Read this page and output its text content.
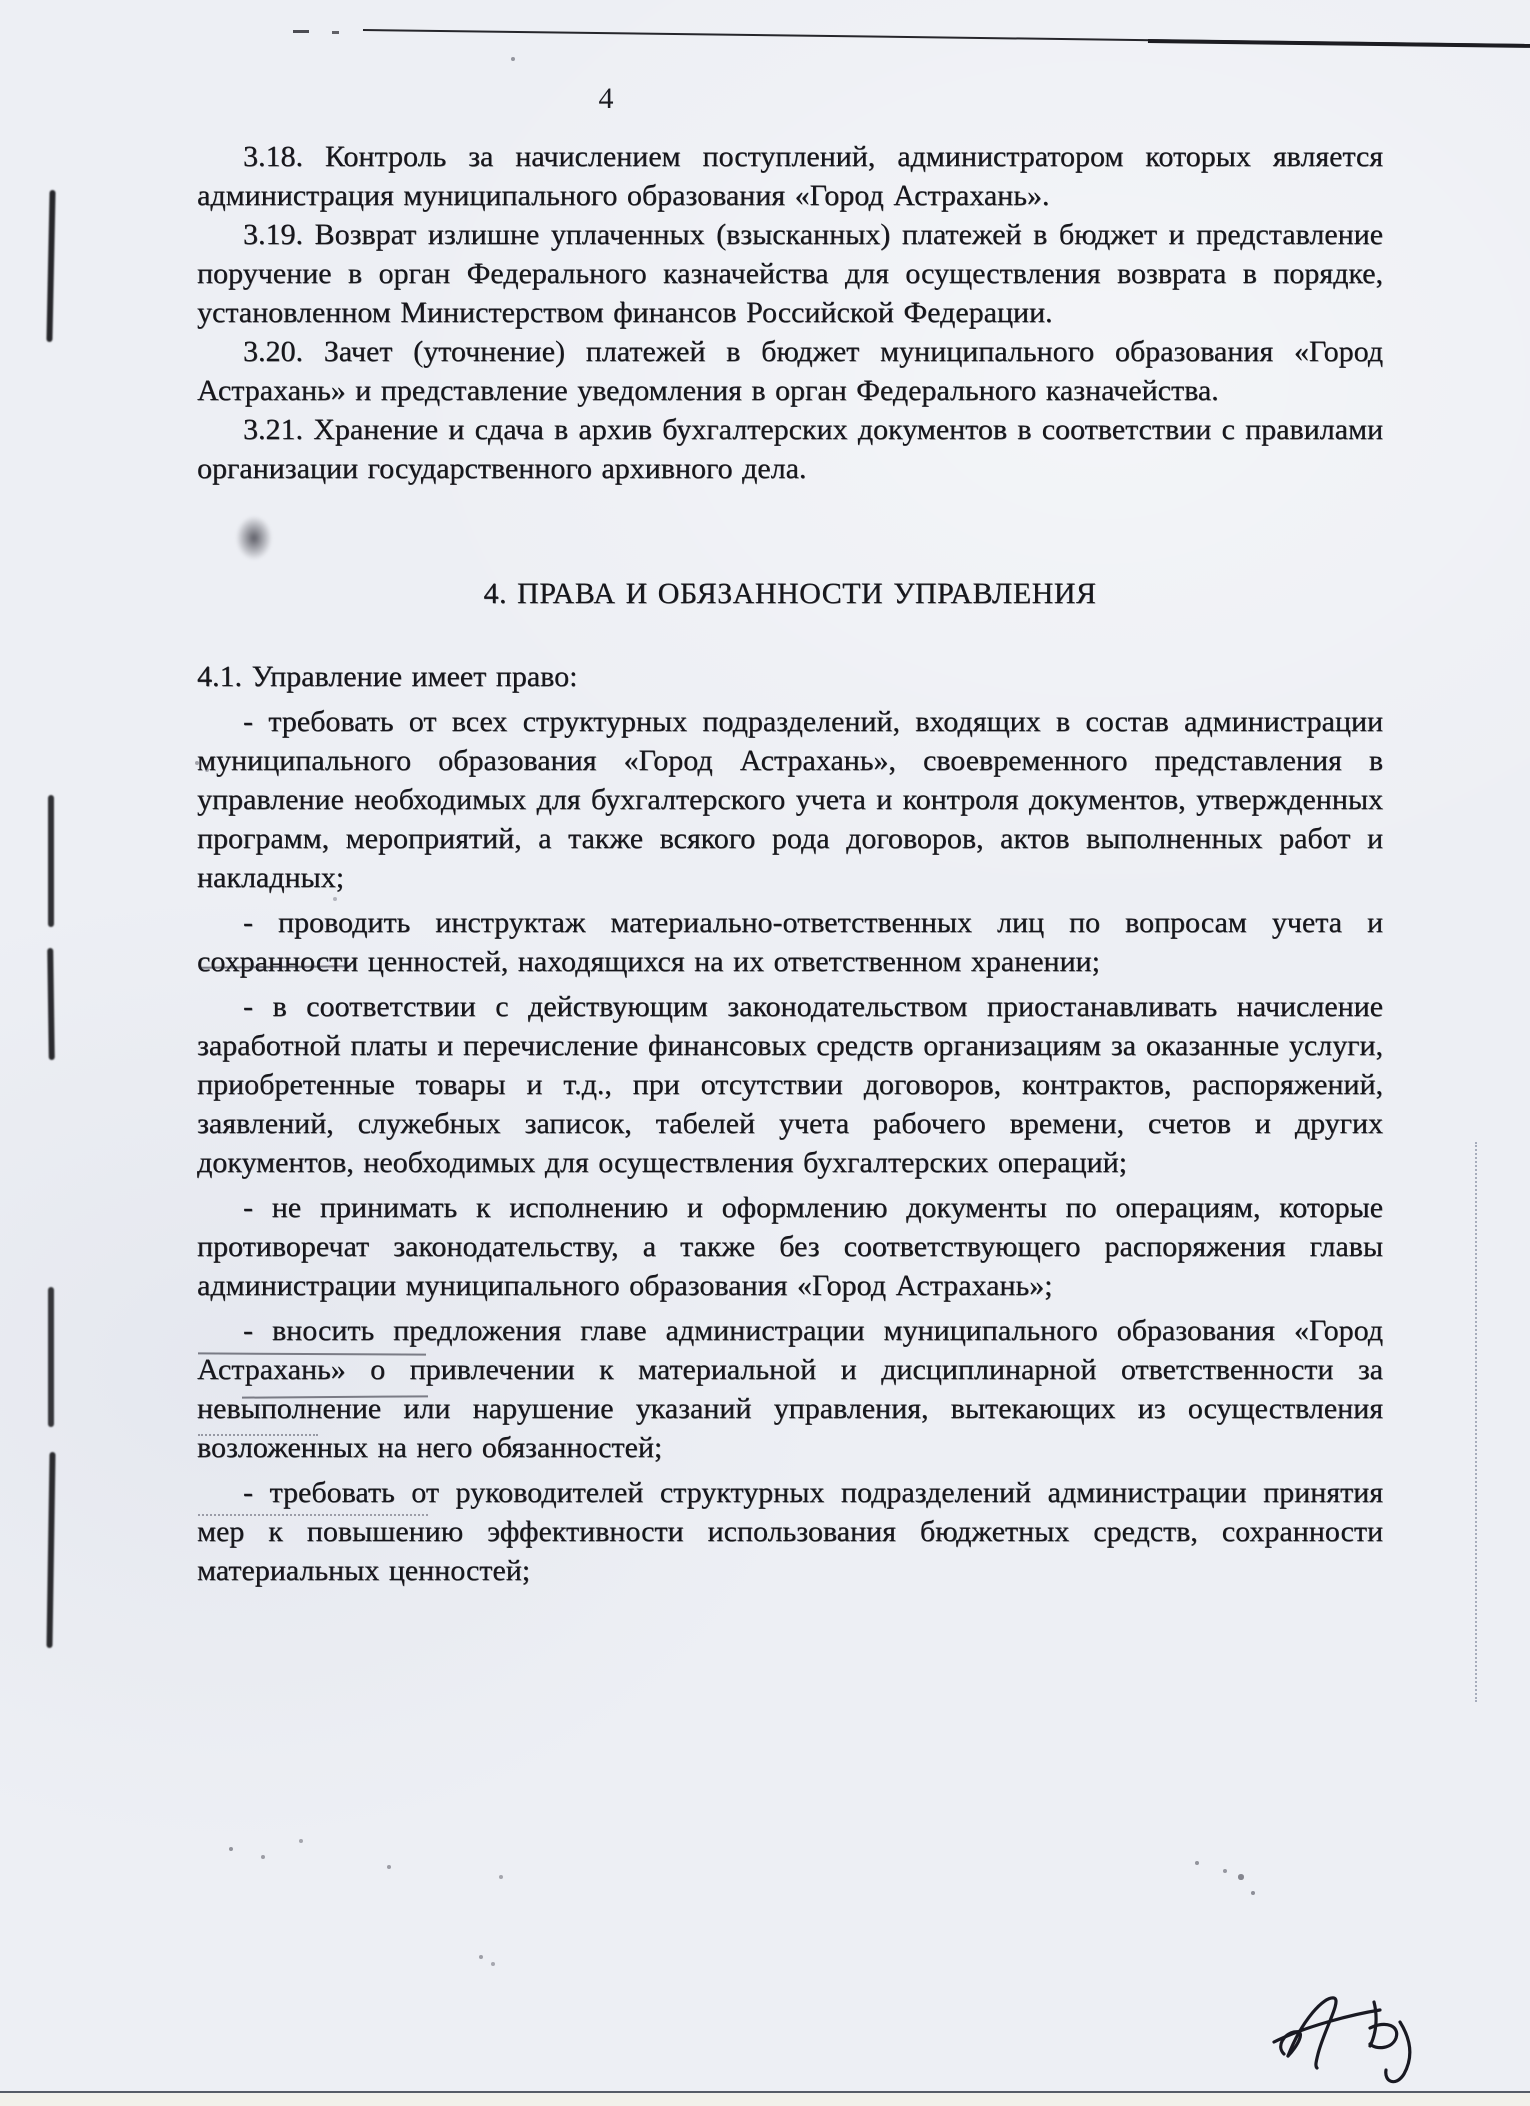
4

3.18. Контроль за начислением поступлений, администратором которых является администрация муниципального образования «Город Астрахань».

3.19. Возврат излишне уплаченных (взысканных) платежей в бюджет и представление поручение в орган Федерального казначейства для осуществления возврата в порядке, установленном Министерством финансов Российской Федерации.

3.20. Зачет (уточнение) платежей в бюджет муниципального образования «Город Астрахань» и представление уведомления в орган Федерального казначейства.

3.21. Хранение и сдача в архив бухгалтерских документов в соответствии с правилами организации государственного архивного дела.

4. ПРАВА И ОБЯЗАННОСТИ УПРАВЛЕНИЯ

4.1. Управление имеет право:

- требовать от всех структурных подразделений, входящих в состав администрации муниципального образования «Город Астрахань», своевременного представления в управление необходимых для бухгалтерского учета и контроля документов, утвержденных программ, мероприятий, а также всякого рода договоров, актов выполненных работ и накладных;

- проводить инструктаж материально-ответственных лиц по вопросам учета и сохранности ценностей, находящихся на их ответственном хранении;

- в соответствии с действующим законодательством приостанавливать начисление заработной платы и перечисление финансовых средств организациям за оказанные услуги, приобретенные товары и т.д., при отсутствии договоров, контрактов, распоряжений, заявлений, служебных записок, табелей учета рабочего времени, счетов и других документов, необходимых для осуществления бухгалтерских операций;

- не принимать к исполнению и оформлению документы по операциям, которые противоречат законодательству, а также без соответствующего распоряжения главы администрации муниципального образования «Город Астрахань»;

- вносить предложения главе администрации муниципального образования «Город Астрахань» о привлечении к материальной и дисциплинарной ответственности за невыполнение или нарушение указаний управления, вытекающих из осуществления возложенных на него обязанностей;

- требовать от руководителей структурных подразделений администрации принятия мер к повышению эффективности использования бюджетных средств, сохранности материальных ценностей;
